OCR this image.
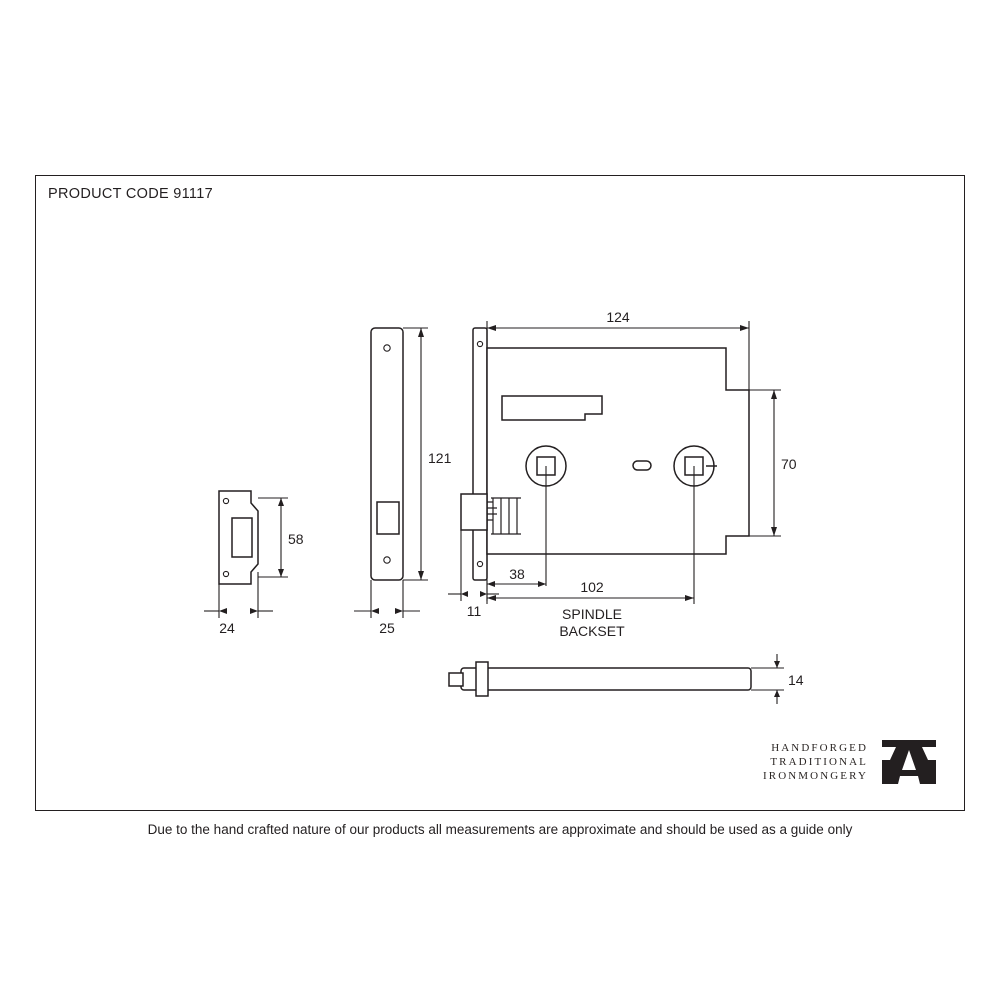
PRODUCT CODE 91117
58
24
121
25
124
70
11
38
102
SPINDLE
BACKSET
14
HANDFORGED
TRADITIONAL
IRONMONGERY
Due to the hand crafted nature of our products all measurements are approximate and should be used as a guide only
